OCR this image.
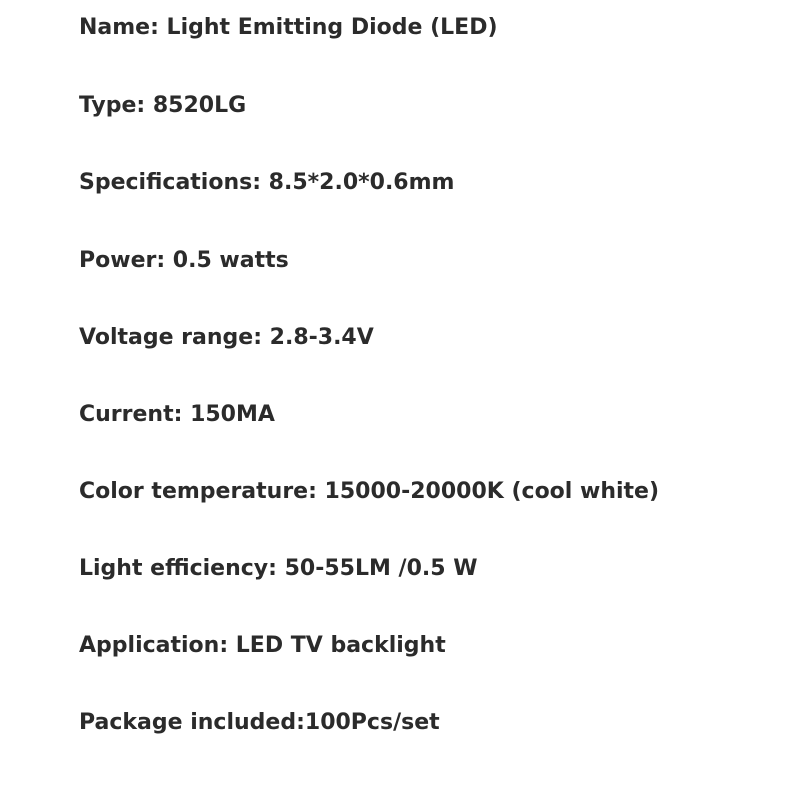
Name: Light Emitting Diode (LED)

Type: 8520LG

Specifications: 8.5*2.0*0.6mm

Power: 0.5 watts

Voltage range: 2.8-3.4V

Current: 150MA

Color temperature: 15000-20000K (cool white)

Light efficiency: 50-55LM /0.5 W

Application: LED TV backlight

Package included:100Pcs/set
